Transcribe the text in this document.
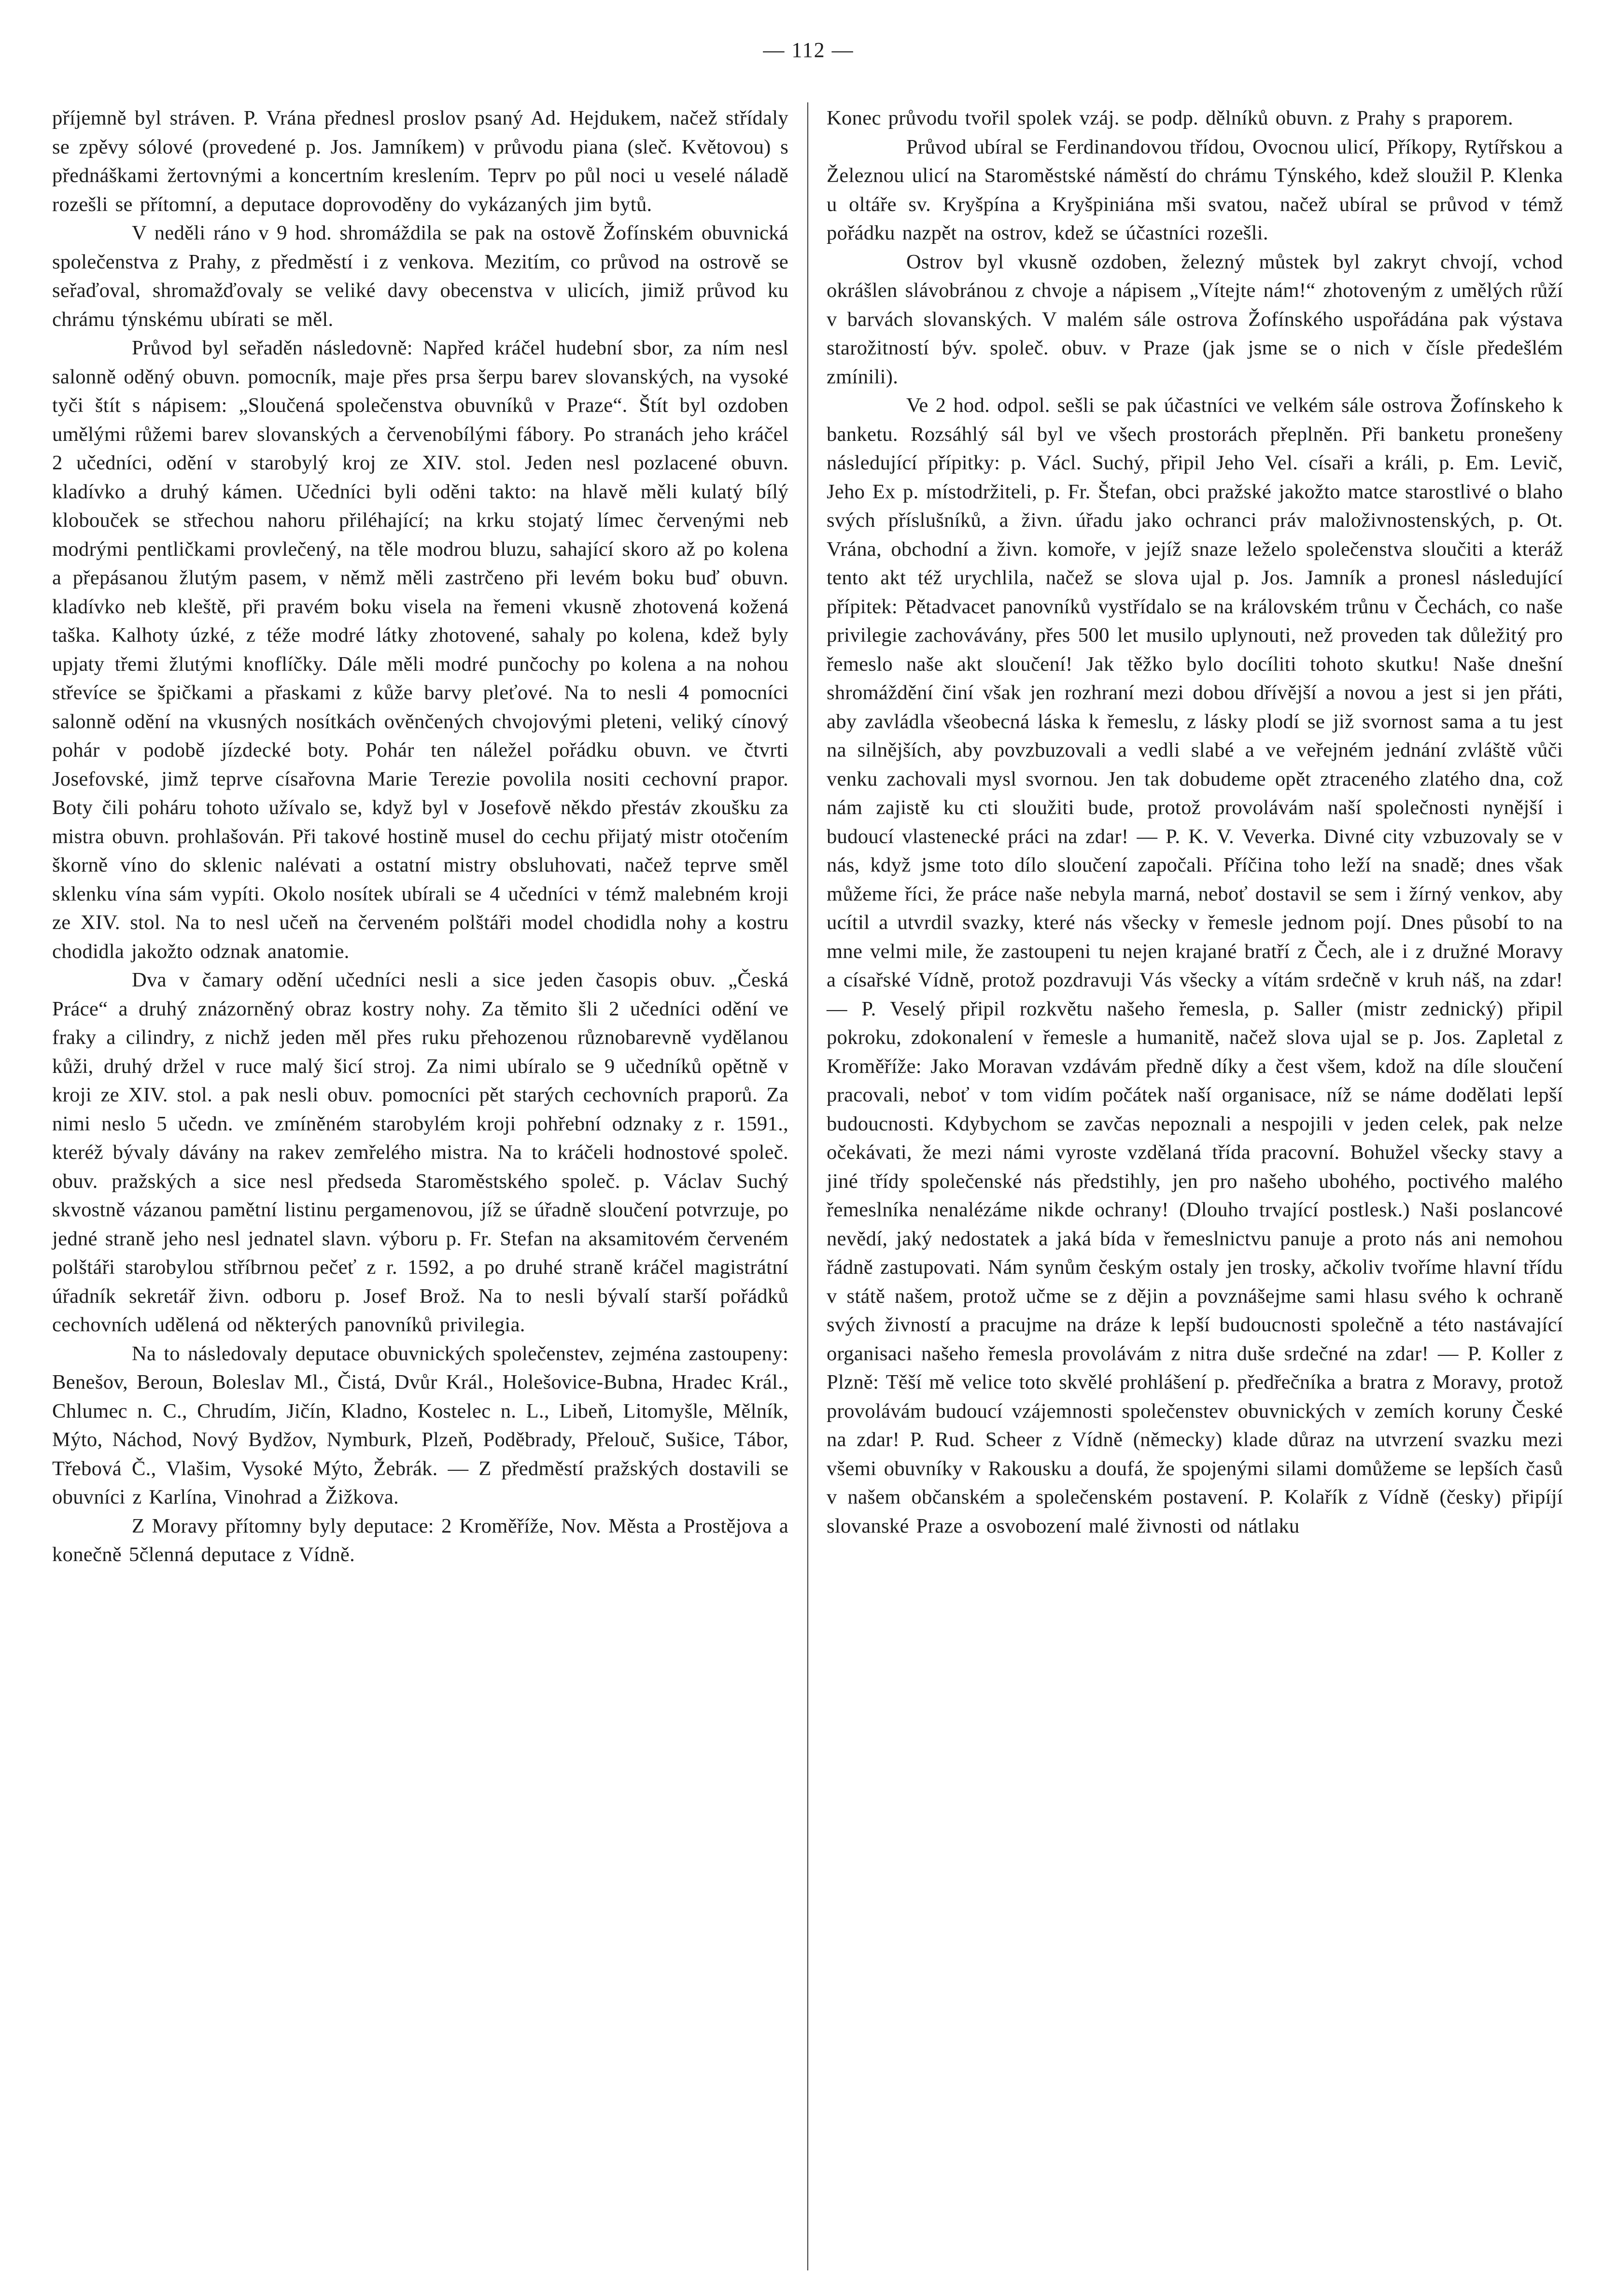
— 112 —

příjemně byl stráven. P. Vrána přednesl proslov psaný Ad. Hejdukem, načež střídaly se zpěvy sólové (provedené p. Jos. Jamníkem) v průvodu piana (sleč. Květovou) s přednáškami žertovnými a koncertním kreslením. Teprv po půl noci u veselé náladě rozešli se přítomní, a deputace doprovoděny do vykázaných jim bytů.

V neděli ráno v 9 hod. shromáždila se pak na ostově Žofínském obuvnická společenstva z Prahy, z předměstí i z venkova. Mezitím, co průvod na ostrově se seřaďoval, shromažďovaly se veliké davy obecenstva v ulicích, jimiž průvod ku chrámu týnskému ubírati se měl.

Průvod byl seřaděn následovně: Napřed kráčel hudební sbor, za ním nesl salonně oděný obuvn. pomocník, maje přes prsa šerpu barev slovanských, na vysoké tyči štít s nápisem: „Sloučená společenstva obuvníků v Praze“. Štít byl ozdoben umělými růžemi barev slovanských a červenobílými fábory. Po stranách jeho kráčel 2 učedníci, odění v starobylý kroj ze XIV. stol. Jeden nesl pozlacené obuvn. kladívko a druhý kámen. Učedníci byli oděni takto: na hlavě měli kulatý bílý klobouček se střechou nahoru přiléhající; na krku stojatý límec červenými neb modrými pentličkami provlečený, na těle modrou bluzu, sahající skoro až po kolena a přepásanou žlutým pasem, v němž měli zastrčeno při levém boku buď obuvn. kladívko neb kleště, při pravém boku visela na řemeni vkusně zhotovená kožená taška. Kalhoty úzké, z téže modré látky zhotovené, sahaly po kolena, kdež byly upjaty třemi žlutými knoflíčky. Dále měli modré punčochy po kolena a na nohou střevíce se špičkami a přaskami z kůže barvy pleťové. Na to nesli 4 pomocníci salonně odění na vkusných nosítkách ověnčených chvojovými pleteni, veliký cínový pohár v podobě jízdecké boty. Pohár ten náležel pořádku obuvn. ve čtvrti Josefovské, jimž teprve císařovna Marie Terezie povolila nositi cechovní prapor. Boty čili poháru tohoto užívalo se, když byl v Josefově někdo přestáv zkoušku za mistra obuvn. prohlašován. Při takové hostině musel do cechu přijatý mistr otočením škorně víno do sklenic nalévati a ostatní mistry obsluhovati, načež teprve směl sklenku vína sám vypíti. Okolo nosítek ubírali se 4 učedníci v témž malebném kroji ze XIV. stol. Na to nesl učeň na červeném polštáři model chodidla nohy a kostru chodidla jakožto odznak anatomie.

Dva v čamary odění učedníci nesli a sice jeden časopis obuv. „Česká Práce“ a druhý znázorněný obraz kostry nohy. Za těmito šli 2 učedníci odění ve fraky a cilindry, z nichž jeden měl přes ruku přehozenou různobarevně vydělanou kůži, druhý držel v ruce malý šicí stroj. Za nimi ubíralo se 9 učedníků opětně v kroji ze XIV. stol. a pak nesli obuv. pomocníci pět starých cechovních praporů. Za nimi neslo 5 učedn. ve zmíněném starobylém kroji pohřební odznaky z r. 1591., kteréž bývaly dávány na rakev zemřelého mistra. Na to kráčeli hodnostové společ. obuv. pražských a sice nesl předseda Staroměstského společ. p. Václav Suchý skvostně vázanou pamětní listinu pergamenovou, jíž se úřadně sloučení potvrzuje, po jedné straně jeho nesl jednatel slavn. výboru p. Fr. Stefan na aksamitovém červeném polštáři starobylou stříbrnou pečeť z r. 1592, a po druhé straně kráčel magistrátní úřadník sekretář živn. odboru p. Josef Brož. Na to nesli bývalí starší pořádků cechovních udělená od některých panovníků privilegia.

Na to následovaly deputace obuvnických společenstev, zejména zastoupeny: Benešov, Beroun, Boleslav Ml., Čistá, Dvůr Král., Holešovice-Bubna, Hradec Král., Chlumec n. C., Chrudím, Jičín, Kladno, Kostelec n. L., Libeň, Litomyšle, Mělník, Mýto, Náchod, Nový Bydžov, Nymburk, Plzeň, Poděbrady, Přelouč, Sušice, Tábor, Třebová Č., Vlašim, Vysoké Mýto, Žebrák. — Z předměstí pražských dostavili se obuvníci z Karlína, Vinohrad a Žižkova.

Z Moravy přítomny byly deputace: 2 Kroměříže, Nov. Města a Prostějova a konečně 5členná deputace z Vídně.

Konec průvodu tvořil spolek vzáj. se podp. dělníků obuvn. z Prahy s praporem.

Průvod ubíral se Ferdinandovou třídou, Ovocnou ulicí, Příkopy, Rytířskou a Železnou ulicí na Staroměstské náměstí do chrámu Týnského, kdež sloužil P. Klenka u oltáře sv. Kryšpína a Kryšpiniána mši svatou, načež ubíral se průvod v témž pořádku nazpět na ostrov, kdež se účastníci rozešli.

Ostrov byl vkusně ozdoben, železný můstek byl zakryt chvojí, vchod okrášlen slávobránou z chvoje a nápisem „Vítejte nám!“ zhotoveným z umělých růží v barvách slovanských. V malém sále ostrova Žofínského uspořádána pak výstava starožitností býv. společ. obuv. v Praze (jak jsme se o nich v čísle předešlém zmínili).

Ve 2 hod. odpol. sešli se pak účastníci ve velkém sále ostrova Žofínskeho k banketu. Rozsáhlý sál byl ve všech prostorách přeplněn. Při banketu pronešeny následující přípitky: p. Václ. Suchý, připil Jeho Vel. císaři a králi, p. Em. Levič, Jeho Ex p. místodržiteli, p. Fr. Štefan, obci pražské jakožto matce starostlivé o blaho svých příslušníků, a živn. úřadu jako ochranci práv maloživnostenských, p. Ot. Vrána, obchodní a živn. komoře, v jejíž snaze leželo společenstva sloučiti a kteráž tento akt též urychlila, načež se slova ujal p. Jos. Jamník a pronesl následující přípitek: Pětadvacet panovníků vystřídalo se na královském trůnu v Čechách, co naše privilegie zachovávány, přes 500 let musilo uplynouti, než proveden tak důležitý pro řemeslo naše akt sloučení! Jak těžko bylo docíliti tohoto skutku! Naše dnešní shromáždění činí však jen rozhraní mezi dobou dřívější a novou a jest si jen přáti, aby zavládla všeobecná láska k řemeslu, z lásky plodí se již svornost sama a tu jest na silnějších, aby povzbuzovali a vedli slabé a ve veřejném jednání zvláště vůči venku zachovali mysl svornou. Jen tak dobudeme opět ztraceného zlatého dna, což nám zajistě ku cti sloužiti bude, protož provolávám naší společnosti nynější i budoucí vlastenecké práci na zdar! — P. K. V. Veverka. Divné city vzbuzovaly se v nás, když jsme toto dílo sloučení započali. Příčina toho leží na snadě; dnes však můžeme říci, že práce naše nebyla marná, neboť dostavil se sem i žírný venkov, aby ucítil a utvrdil svazky, které nás všecky v řemesle jednom pojí. Dnes působí to na mne velmi mile, že zastoupeni tu nejen krajané bratří z Čech, ale i z družné Moravy a císařské Vídně, protož pozdravuji Vás všecky a vítám srdečně v kruh náš, na zdar! — P. Veselý připil rozkvětu našeho řemesla, p. Saller (mistr zednický) připil pokroku, zdokonalení v řemesle a humanitě, načež slova ujal se p. Jos. Zapletal z Kroměříže: Jako Moravan vzdávám předně díky a čest všem, kdož na díle sloučení pracovali, neboť v tom vidím počátek naší organisace, níž se náme dodělati lepší budoucnosti. Kdybychom se zavčas nepoznali a nespojili v jeden celek, pak nelze očekávati, že mezi námi vyroste vzdělaná třída pracovní. Bohužel všecky stavy a jiné třídy společenské nás předstihly, jen pro našeho ubohého, poctivého malého řemeslníka nenalézáme nikde ochrany! (Dlouho trvající postlesk.) Naši poslancové nevědí, jaký nedostatek a jaká bída v řemeslnictvu panuje a proto nás ani nemohou řádně zastupovati. Nám synům českým ostaly jen trosky, ačkoliv tvoříme hlavní třídu v státě našem, protož učme se z dějin a povznášejme sami hlasu svého k ochraně svých živností a pracujme na dráze k lepší budoucnosti společně a této nastávající organisaci našeho řemesla provolávám z nitra duše srdečné na zdar! — P. Koller z Plzně: Těší mě velice toto skvělé prohlášení p. předřečníka a bratra z Moravy, protož provolávám budoucí vzájemnosti společenstev obuvnických v zemích koruny České na zdar! P. Rud. Scheer z Vídně (německy) klade důraz na utvrzení svazku mezi všemi obuvníky v Rakousku a doufá, že spojenými silami domůžeme se lepších časů v našem občanském a společenském postavení. P. Kolařík z Vídně (česky) připíjí slovanské Praze a osvobození malé živnosti od nátlaku
